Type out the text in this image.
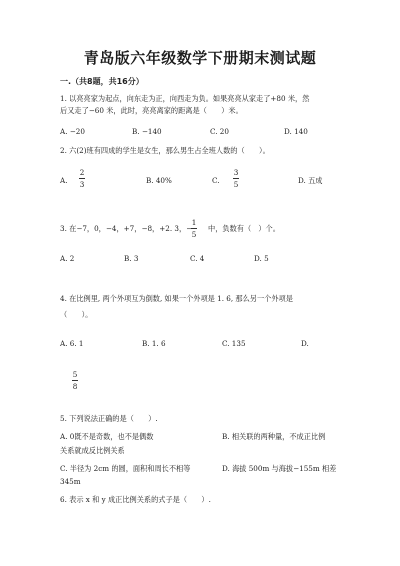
青岛版六年级数学下册期末测试题
一.（共8题，共16分）
1. 以亮亮家为起点，向东走为正，向西走为负。如果亮亮从家走了+80 米，然
后又走了−60 米，此时，亮亮离家的距离是（　　）米。
A. −20	B. −140	C. 20	D. 140
2. 六(2)班有四成的学生是女生，那么男生占全班人数的（　　）。
A. $\frac{2}{3}$	B. 40%	C. $\frac{3}{5}$	D. 五成
3. 在−7，0，−4，+7，−8，+2. 3，−
$\frac{1}{5}$ 中，负数有（　）个。
A. 2	B. 3	C. 4	D. 5
4. 在比例里, 两个外项互为倒数, 如果一个外项是 1. 6, 那么另一个外项是
（　　）。
A. 6. 1	B. 1. 6	C. 135	D.
$\frac{5}{8}$
5. 下列说法正确的是（　　）.
A. 0既不是奇数，也不是偶数	B. 相关联的两种量，不成正比例
关系就成反比例关系
C. 半径为 2cm 的圆，面积和周长不相等	D. 海拔 500m 与海拔−155m 相差
345m
6. 表示 x 和 y 成正比例关系的式子是（　　）.
